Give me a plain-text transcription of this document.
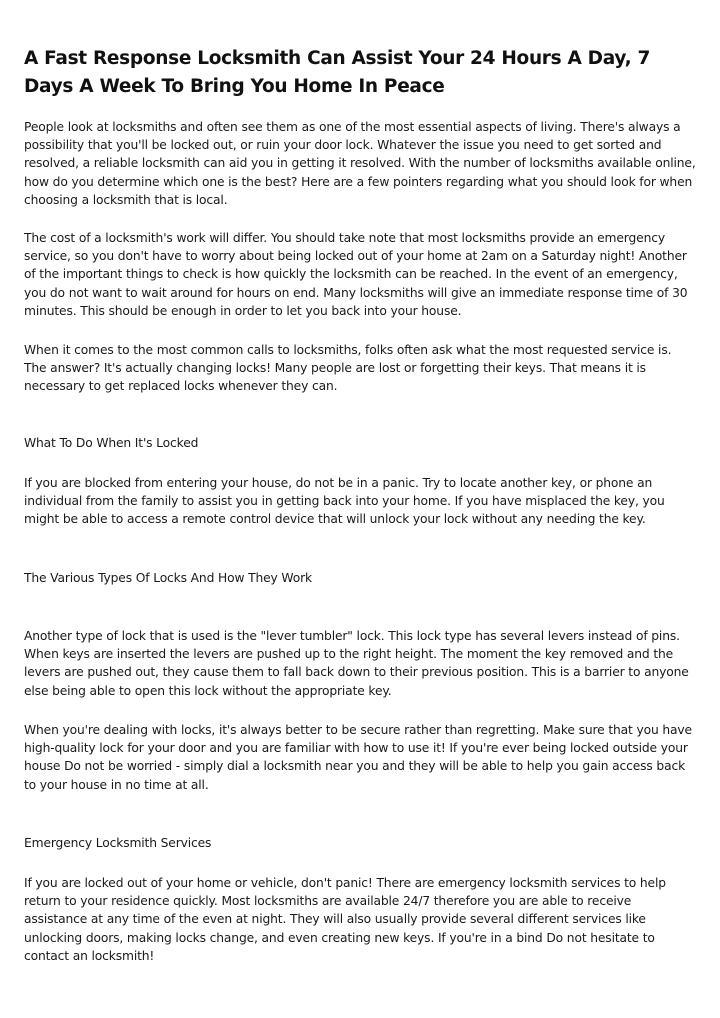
A Fast Response Locksmith Can Assist Your 24 Hours A Day, 7 Days A Week To Bring You Home In Peace

People look at locksmiths and often see them as one of the most essential aspects of living. There's always a possibility that you'll be locked out, or ruin your door lock. Whatever the issue you need to get sorted and resolved, a reliable locksmith can aid you in getting it resolved. With the number of locksmiths available online, how do you determine which one is the best? Here are a few pointers regarding what you should look for when choosing a locksmith that is local.

The cost of a locksmith's work will differ. You should take note that most locksmiths provide an emergency service, so you don't have to worry about being locked out of your home at 2am on a Saturday night! Another of the important things to check is how quickly the locksmith can be reached. In the event of an emergency, you do not want to wait around for hours on end. Many locksmiths will give an immediate response time of 30 minutes. This should be enough in order to let you back into your house.

When it comes to the most common calls to locksmiths, folks often ask what the most requested service is. The answer? It's actually changing locks! Many people are lost or forgetting their keys. That means it is necessary to get replaced locks whenever they can.

What To Do When It's Locked

If you are blocked from entering your house, do not be in a panic. Try to locate another key, or phone an individual from the family to assist you in getting back into your home. If you have misplaced the key, you might be able to access a remote control device that will unlock your lock without any needing the key.

The Various Types Of Locks And How They Work

Another type of lock that is used is the "lever tumbler" lock. This lock type has several levers instead of pins. When keys are inserted the levers are pushed up to the right height. The moment the key removed and the levers are pushed out, they cause them to fall back down to their previous position. This is a barrier to anyone else being able to open this lock without the appropriate key.

When you're dealing with locks, it's always better to be secure rather than regretting. Make sure that you have high-quality lock for your door and you are familiar with how to use it! If you're ever being locked outside your house Do not be worried - simply dial a locksmith near you and they will be able to help you gain access back to your house in no time at all.

Emergency Locksmith Services

If you are locked out of your home or vehicle, don't panic! There are emergency locksmith services to help return to your residence quickly. Most locksmiths are available 24/7 therefore you are able to receive assistance at any time of the even at night. They will also usually provide several different services like unlocking doors, making locks change, and even creating new keys. If you're in a bind Do not hesitate to contact an locksmith!
